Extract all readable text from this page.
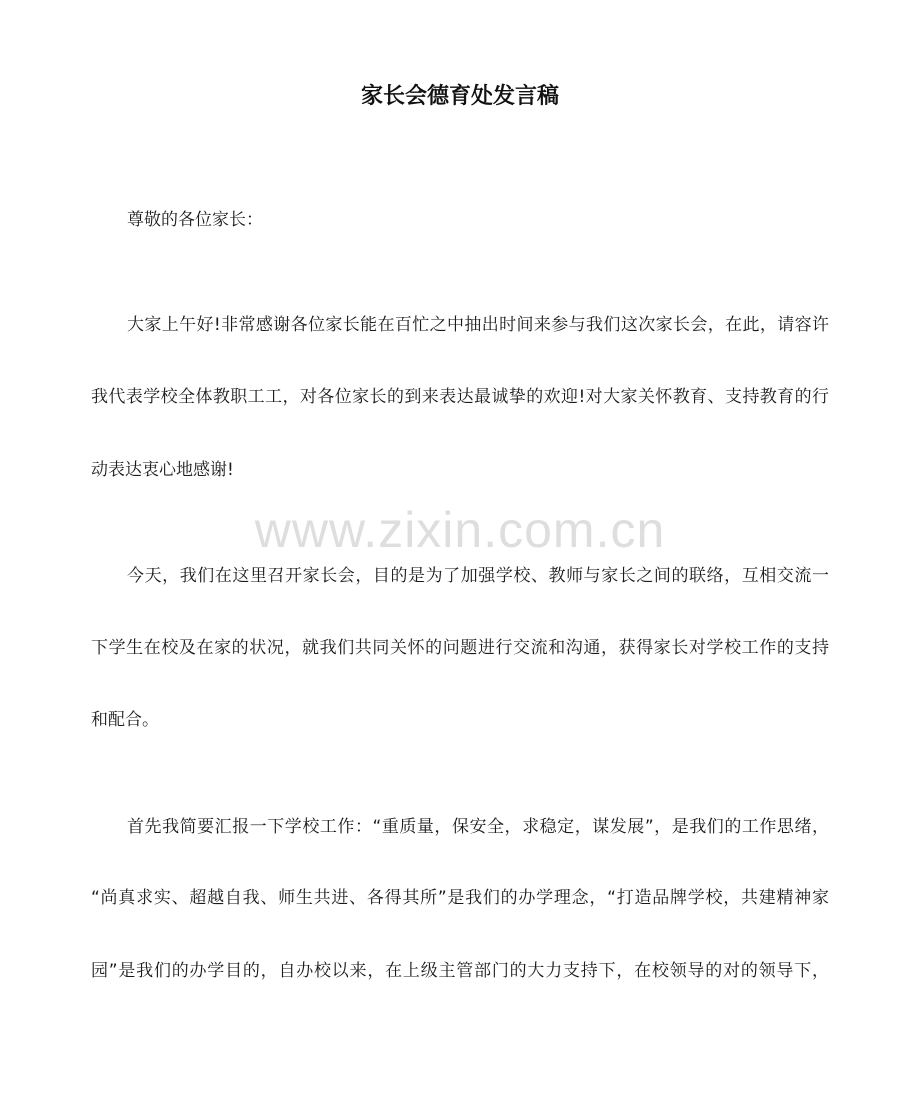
家长会德育处发言稿
尊敬的各位家长：
大家上午好!非常感谢各位家长能在百忙之中抽出时间来参与我们这次家长会，在此，请容许
我代表学校全体教职工工，对各位家长的到来表达最诚挚的欢迎!对大家关怀教育、支持教育的行
动表达衷心地感谢!
www.zixin.com.cn
今天，我们在这里召开家长会，目的是为了加强学校、教师与家长之间的联络，互相交流一
下学生在校及在家的状况，就我们共同关怀的问题进行交流和沟通，获得家长对学校工作的支持
和配合。
首先我简要汇报一下学校工作：“重质量，保安全，求稳定，谋发展”，是我们的工作思绪，
“尚真求实、超越自我、师生共进、各得其所”是我们的办学理念，“打造品牌学校，共建精神家
园”是我们的办学目的，自办校以来，在上级主管部门的大力支持下，在校领导的对的领导下，
